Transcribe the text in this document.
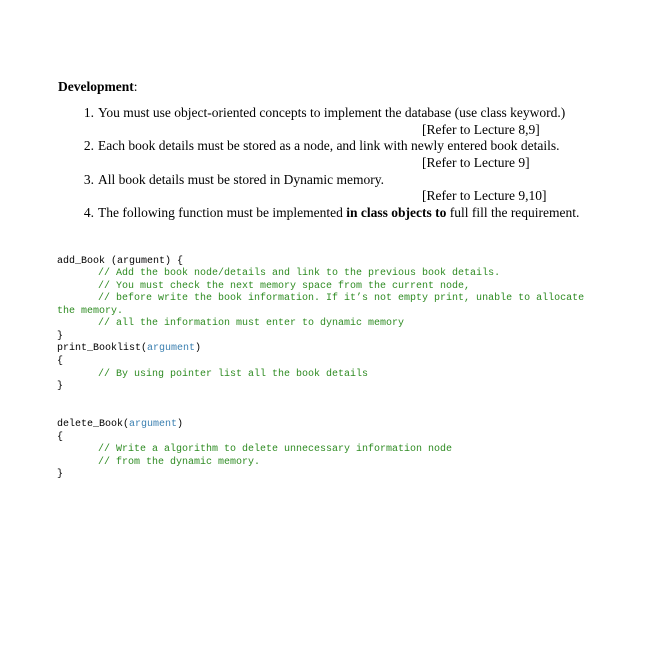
Development:
1. You must use object-oriented concepts to implement the database (use class keyword.)
[Refer to Lecture 8,9]
2. Each book details must be stored as a node, and link with newly entered book details.
[Refer to Lecture 9]
3. All book details must be stored in Dynamic memory.
[Refer to Lecture 9,10]
4. The following function must be implemented in class objects to full fill the requirement.
add_Book (argument) {
// Add the book node/details and link to the previous book details.
// You must check the next memory space from the current node,
// before write the book information. If it’s not empty print, unable to allocate
the memory.
// all the information must enter to dynamic memory
}
print_Booklist(argument)
{
// By using pointer list all the book details
}
delete_Book(argument)
{
// Write a algorithm to delete unnecessary information node
// from the dynamic memory.
}
